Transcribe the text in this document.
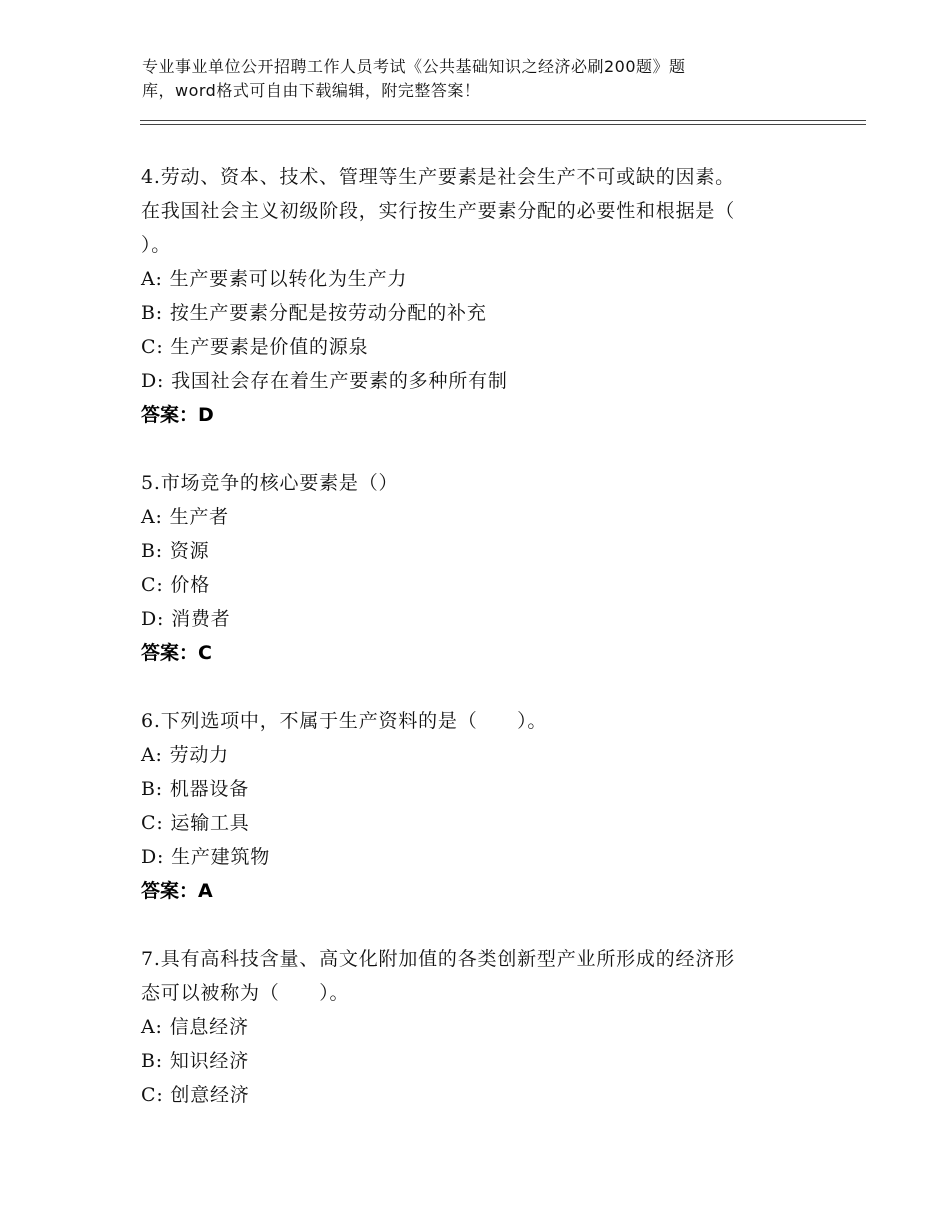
专业事业单位公开招聘工作人员考试《公共基础知识之经济必刷200题》题
库，word格式可自由下载编辑，附完整答案！

4.劳动、资本、技术、管理等生产要素是社会生产不可或缺的因素。

在我国社会主义初级阶段，实行按生产要素分配的必要性和根据是（

）。

A: 生产要素可以转化为生产力
B: 按生产要素分配是按劳动分配的补充
C: 生产要素是价值的源泉
D: 我国社会存在着生产要素的多种所有制

答案：D

5.市场竞争的核心要素是（）

A: 生产者
B: 资源
C: 价格
D: 消费者

答案：C

6.下列选项中，不属于生产资料的是（　　）。

A: 劳动力
B: 机器设备
C: 运输工具
D: 生产建筑物

答案：A

7.具有高科技含量、高文化附加值的各类创新型产业所形成的经济形

态可以被称为（　　）。

A: 信息经济
B: 知识经济
C: 创意经济
